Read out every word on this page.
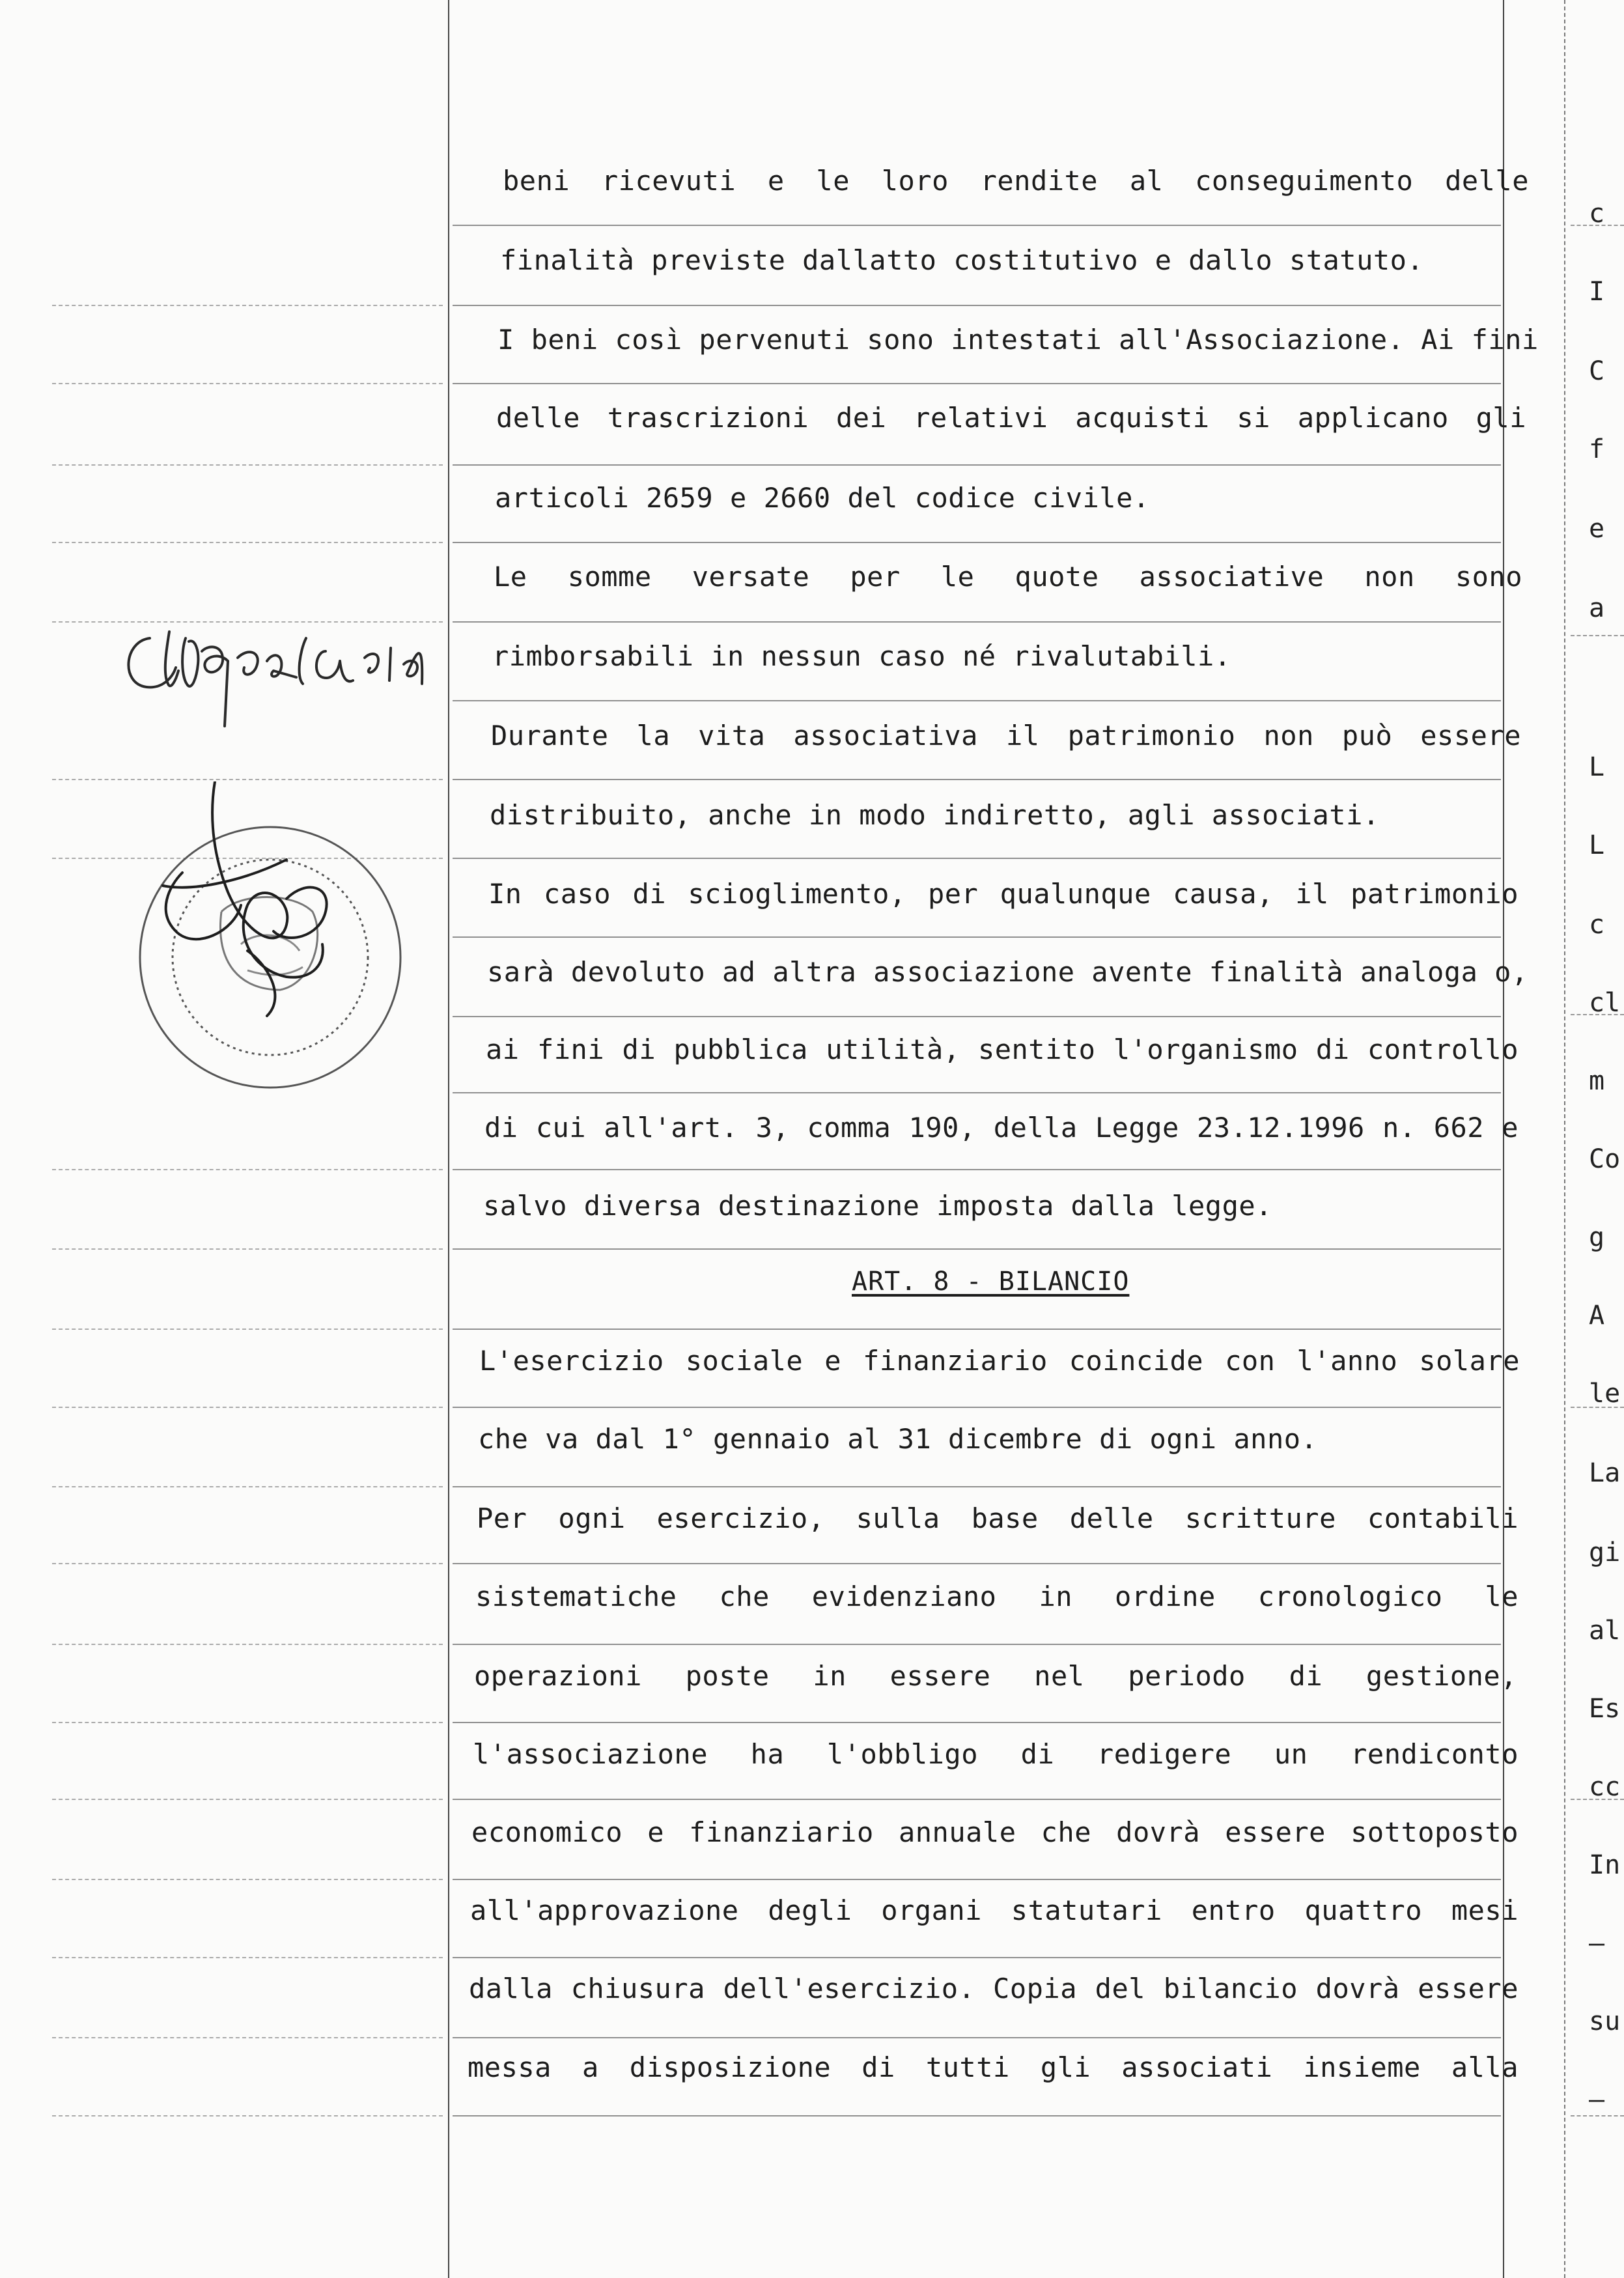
beni ricevuti e le loro rendite al conseguimento delle
finalità previste dallatto costitutivo e dallo statuto.
I beni così pervenuti sono intestati all'Associazione. Ai fini
delle trascrizioni dei relativi acquisti si applicano gli
articoli 2659 e 2660 del codice civile.
Le somme versate per le quote associative non sono
rimborsabili in nessun caso né rivalutabili.
Durante la vita associativa il patrimonio non può essere
distribuito, anche in modo indiretto, agli associati.
In caso di scioglimento, per qualunque causa, il patrimonio
sarà devoluto ad altra associazione avente finalità analoga o,
ai fini di pubblica utilità, sentito l'organismo di controllo
di cui all'art. 3, comma 190, della Legge 23.12.1996 n. 662 e
salvo diversa destinazione imposta dalla legge.
ART. 8 - BILANCIO
L'esercizio sociale e finanziario coincide con l'anno solare
che va dal 1° gennaio al 31 dicembre di ogni anno.
Per ogni esercizio, sulla base delle scritture contabili
sistematiche che evidenziano in ordine cronologico le
operazioni poste in essere nel periodo di gestione,
l'associazione ha l'obbligo di redigere un rendiconto
economico e finanziario annuale che dovrà essere sottoposto
all'approvazione degli organi statutari entro quattro mesi
dalla chiusura dell'esercizio. Copia del bilancio dovrà essere
messa a disposizione di tutti gli associati insieme alla
c
I
C
f
e
a
L
L
c
cl
m
Co
g
A
le
La
gi
al
Es
cc
In
–
su
–
